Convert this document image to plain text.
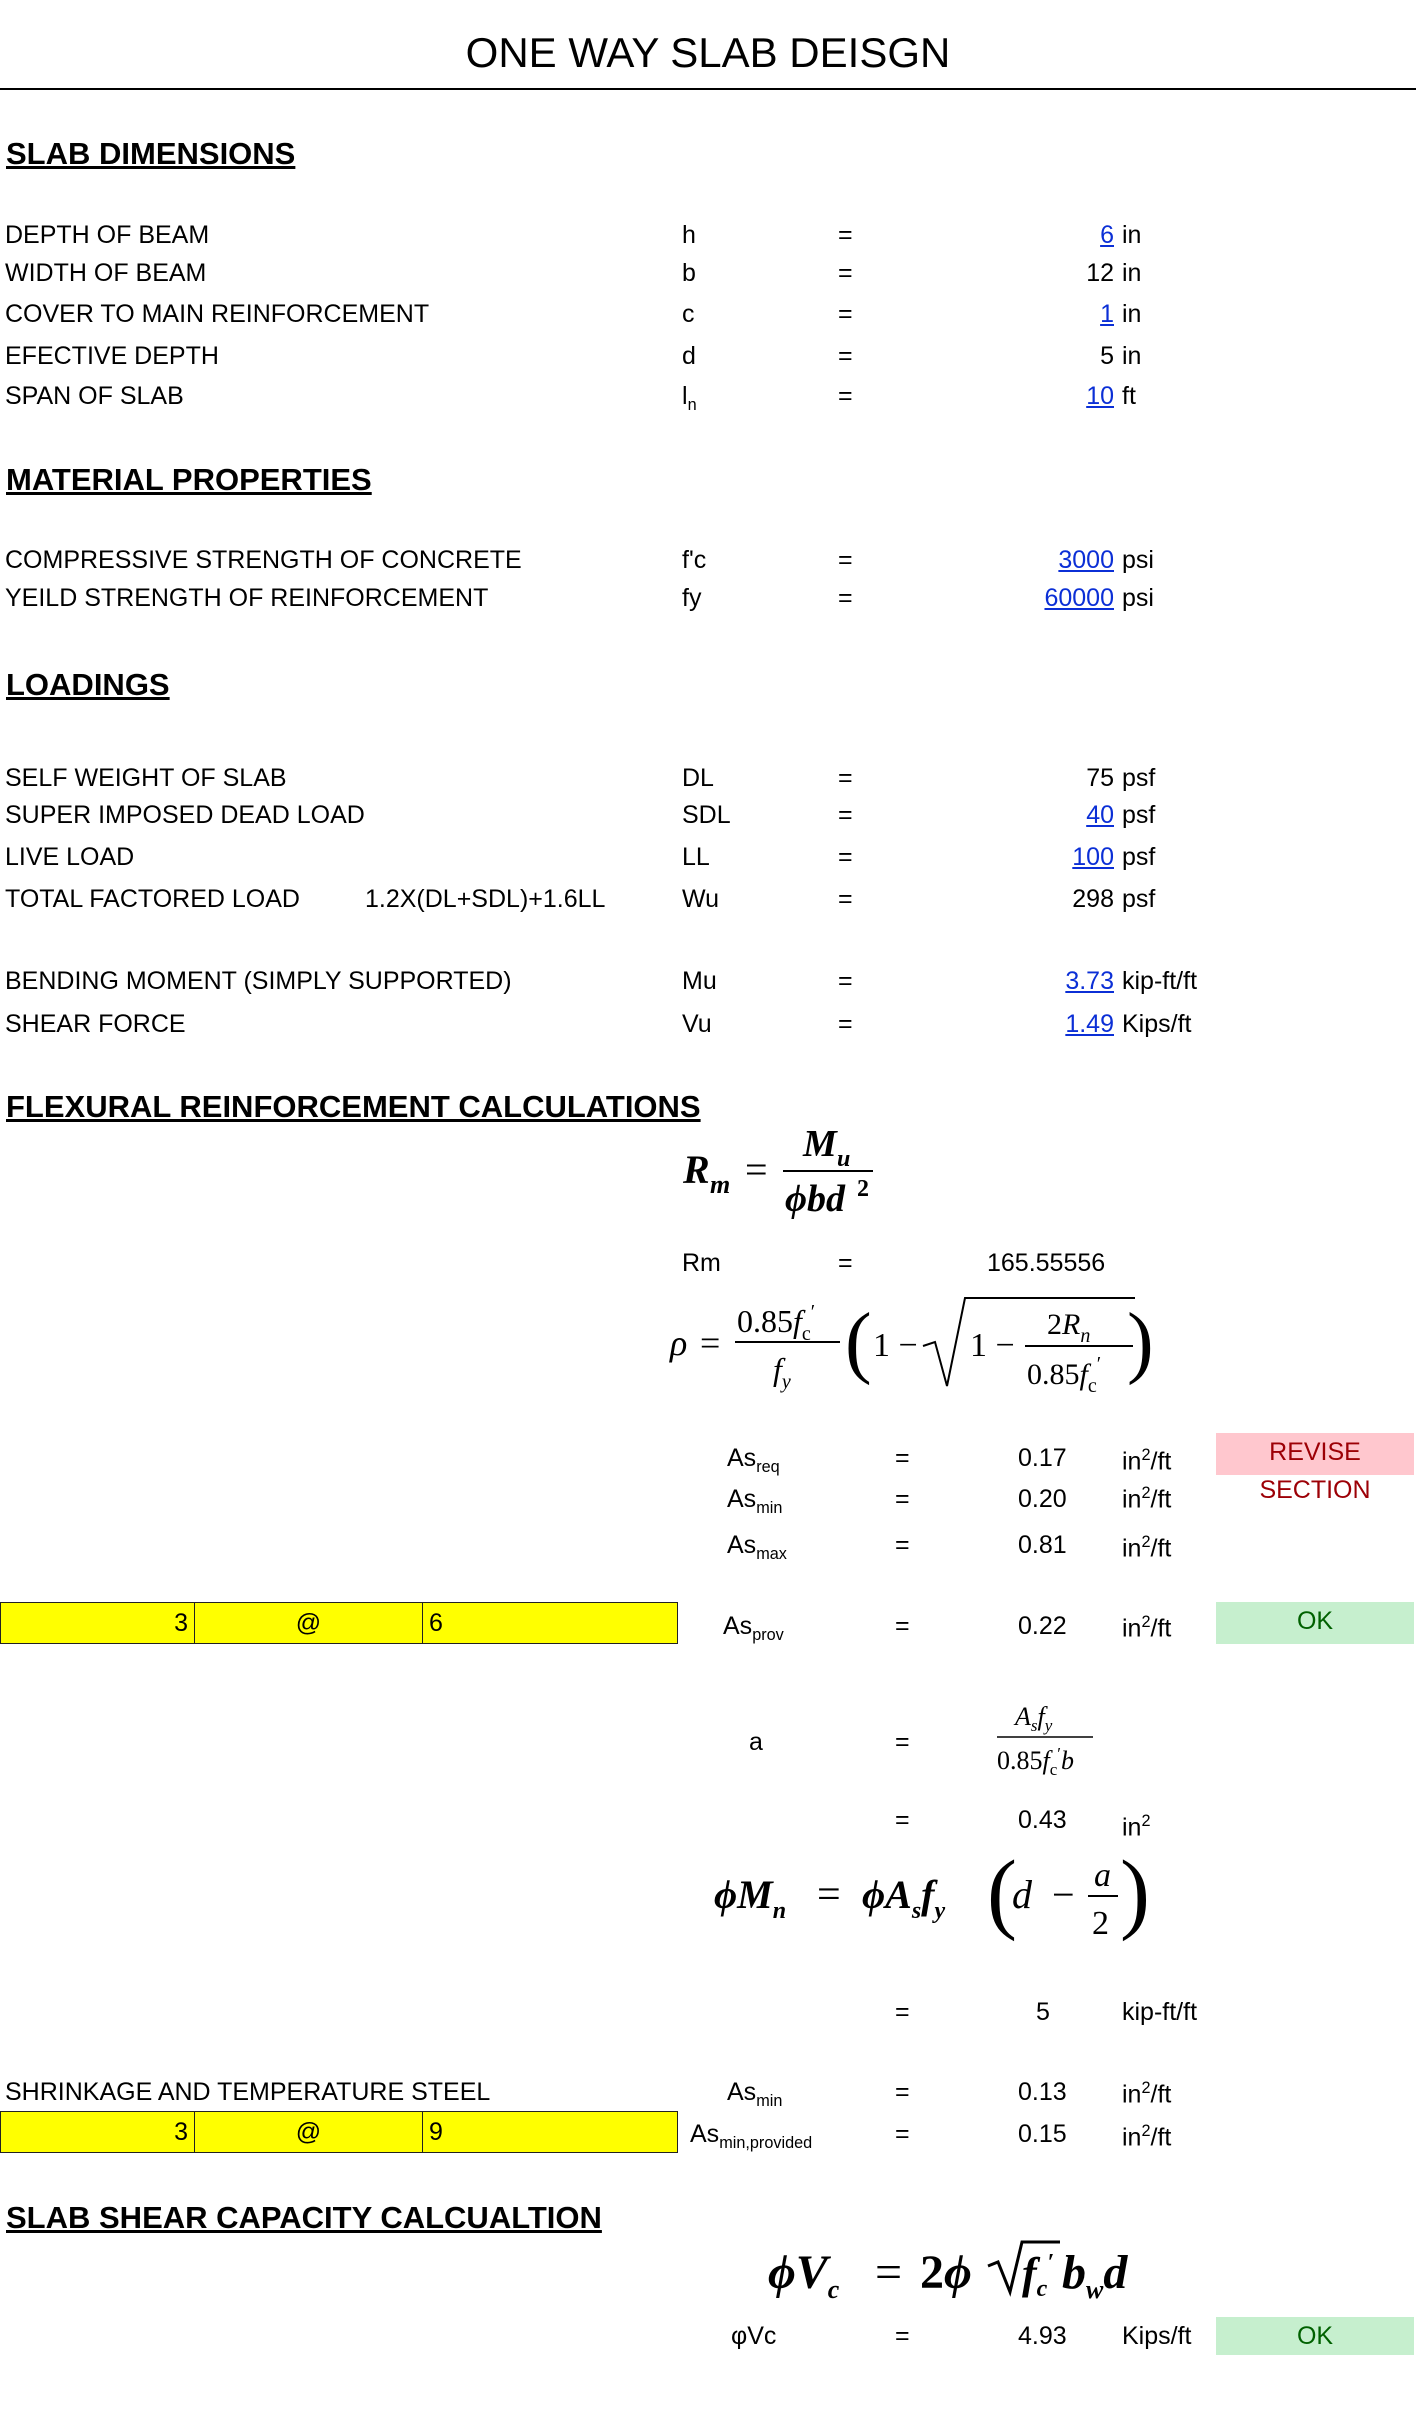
ONE WAY SLAB DEISGN
SLAB DIMENSIONS
DEPTH OF BEAM	h	=	6 in
WIDTH OF BEAM	b	=	12 in
COVER TO MAIN REINFORCEMENT	c	=	1 in
EFECTIVE DEPTH	d	=	5 in
SPAN OF SLAB	$l_n$	=	10 ft
MATERIAL PROPERTIES
COMPRESSIVE STRENGTH OF CONCRETE	f'c	=	3000 psi
YEILD STRENGTH OF REINFORCEMENT	fy	=	60000 psi
LOADINGS
SELF WEIGHT OF SLAB	DL	=	75 psf
SUPER IMPOSED DEAD LOAD	SDL	=	40 psf
LIVE LOAD	LL	=	100 psf
TOTAL FACTORED LOAD	1.2X(DL+SDL)+1.6LL	Wu	=	298 psf
BENDING MOMENT (SIMPLY SUPPORTED)	Mu	=	3.73 kip-ft/ft
SHEAR FORCE	Vu	=	1.49 Kips/ft
FLEXURAL REINFORCEMENT CALCULATIONS
R m =
M u
ϕbd 2
Rm	=	165.55556
ρ =
$0.85f_c'$
$f_y$ ( 1 − 1 −
$2R_n$
$0.85f_c'$ )
$As_{req}$	=	0.17 $in^2/ft$	REVISE SECTION
$As_{min}$	=	0.20 $in^2/ft$
$As_{max}$	=	0.81 $in^2/ft$
3	@	6	$As_{prov}$	=	0.22 $in^2/ft$	OK
a	=
$A_sf_y$
$0.85f_c'b$
=	0.43 $in^2$
$\phi M_n = \phi A_sf_y$ (
d − a
2 )
=	5	kip-ft/ft
SHRINKAGE AND TEMPERATURE STEEL	$As_{min}$	=	0.13 $in^2/ft$
3	@	9	$As_{min,provided}$	=	0.15 $in^2/ft$
SLAB SHEAR CAPACITY CALCUALTION
$\phi V_c = 2\phi$ fc′ $b_wd$
φVc	=	4.93 Kips/ft	OK
